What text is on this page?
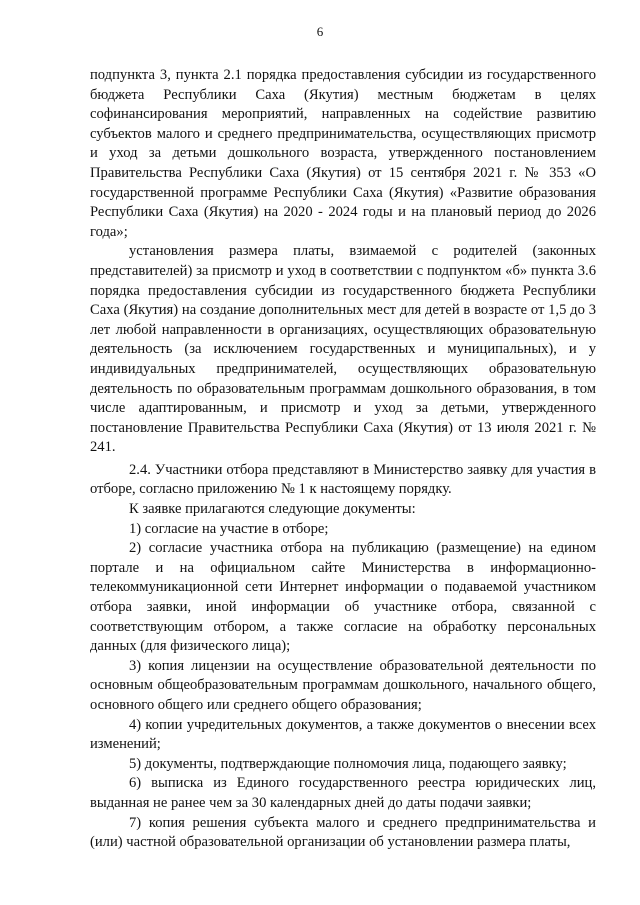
6

подпункта 3, пункта 2.1 порядка предоставления субсидии из государственного бюджета Республики Саха (Якутия) местным бюджетам в целях софинансирования мероприятий, направленных на содействие развитию субъектов малого и среднего предпринимательства, осуществляющих присмотр и уход за детьми дошкольного возраста, утвержденного постановлением Правительства Республики Саха (Якутия) от 15 сентября 2021 г. № 353 «О государственной программе Республики Саха (Якутия) «Развитие образования Республики Саха (Якутия) на 2020 - 2024 годы и на плановый период до 2026 года»;

установления размера платы, взимаемой с родителей (законных представителей) за присмотр и уход в соответствии с подпунктом «б» пункта 3.6 порядка предоставления субсидии из государственного бюджета Республики Саха (Якутия) на создание дополнительных мест для детей в возрасте от 1,5 до 3 лет любой направленности в организациях, осуществляющих образовательную деятельность (за исключением государственных и муниципальных), и у индивидуальных предпринимателей, осуществляющих образовательную деятельность по образовательным программам дошкольного образования, в том числе адаптированным, и присмотр и уход за детьми, утвержденного постановление Правительства Республики Саха (Якутия) от 13 июля 2021 г. № 241.

2.4. Участники отбора представляют в Министерство заявку для участия в отборе, согласно приложению № 1 к настоящему порядку.

К заявке прилагаются следующие документы:

1) согласие на участие в отборе;

2) согласие участника отбора на публикацию (размещение) на едином портале и на официальном сайте Министерства в информационно-телекоммуникационной сети Интернет информации о подаваемой участником отбора заявки, иной информации об участнике отбора, связанной с соответствующим отбором, а также согласие на обработку персональных данных (для физического лица);

3) копия лицензии на осуществление образовательной деятельности по основным общеобразовательным программам дошкольного, начального общего, основного общего или среднего общего образования;

4) копии учредительных документов, а также документов о внесении всех изменений;

5) документы, подтверждающие полномочия лица, подающего заявку;

6) выписка из Единого государственного реестра юридических лиц, выданная не ранее чем за 30 календарных дней до даты подачи заявки;

7) копия решения субъекта малого и среднего предпринимательства и (или) частной образовательной организации об установлении размера платы,
